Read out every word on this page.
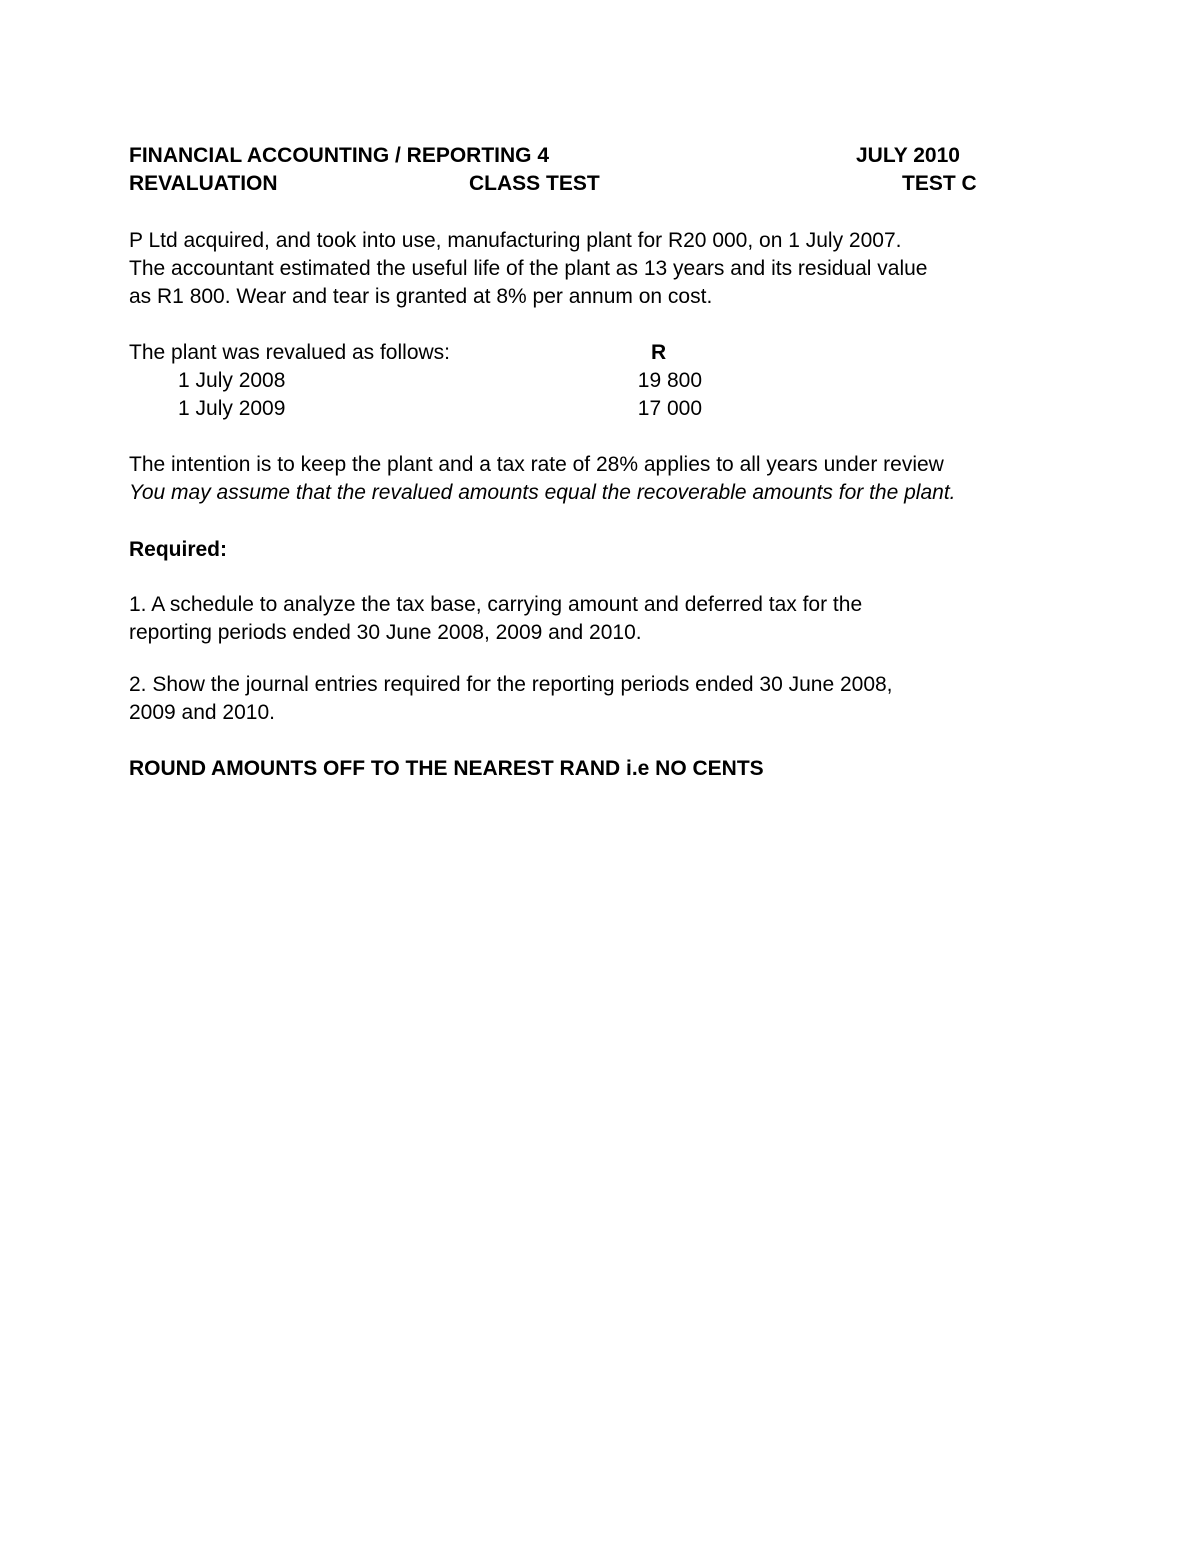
FINANCIAL ACCOUNTING / REPORTING 4	JULY 2010
REVALUATION	CLASS TEST	TEST C
P Ltd acquired, and took into use, manufacturing plant for R20 000, on 1 July 2007.
The accountant estimated the useful life of the plant as 13 years and its residual value
as R1 800. Wear and tear is granted at 8% per annum on cost.
The plant was revalued as follows:	R
1 July 2008	19 800
1 July 2009	17 000
The intention is to keep the plant and a tax rate of 28% applies to all years under review
You may assume that the revalued amounts equal the recoverable amounts for the plant.
Required:
1. A schedule to analyze the tax base, carrying amount and deferred tax for the
reporting periods ended 30 June 2008, 2009 and 2010.
2. Show the journal entries required for the reporting periods ended 30 June 2008,
2009 and 2010.
ROUND AMOUNTS OFF TO THE NEAREST RAND i.e NO CENTS
